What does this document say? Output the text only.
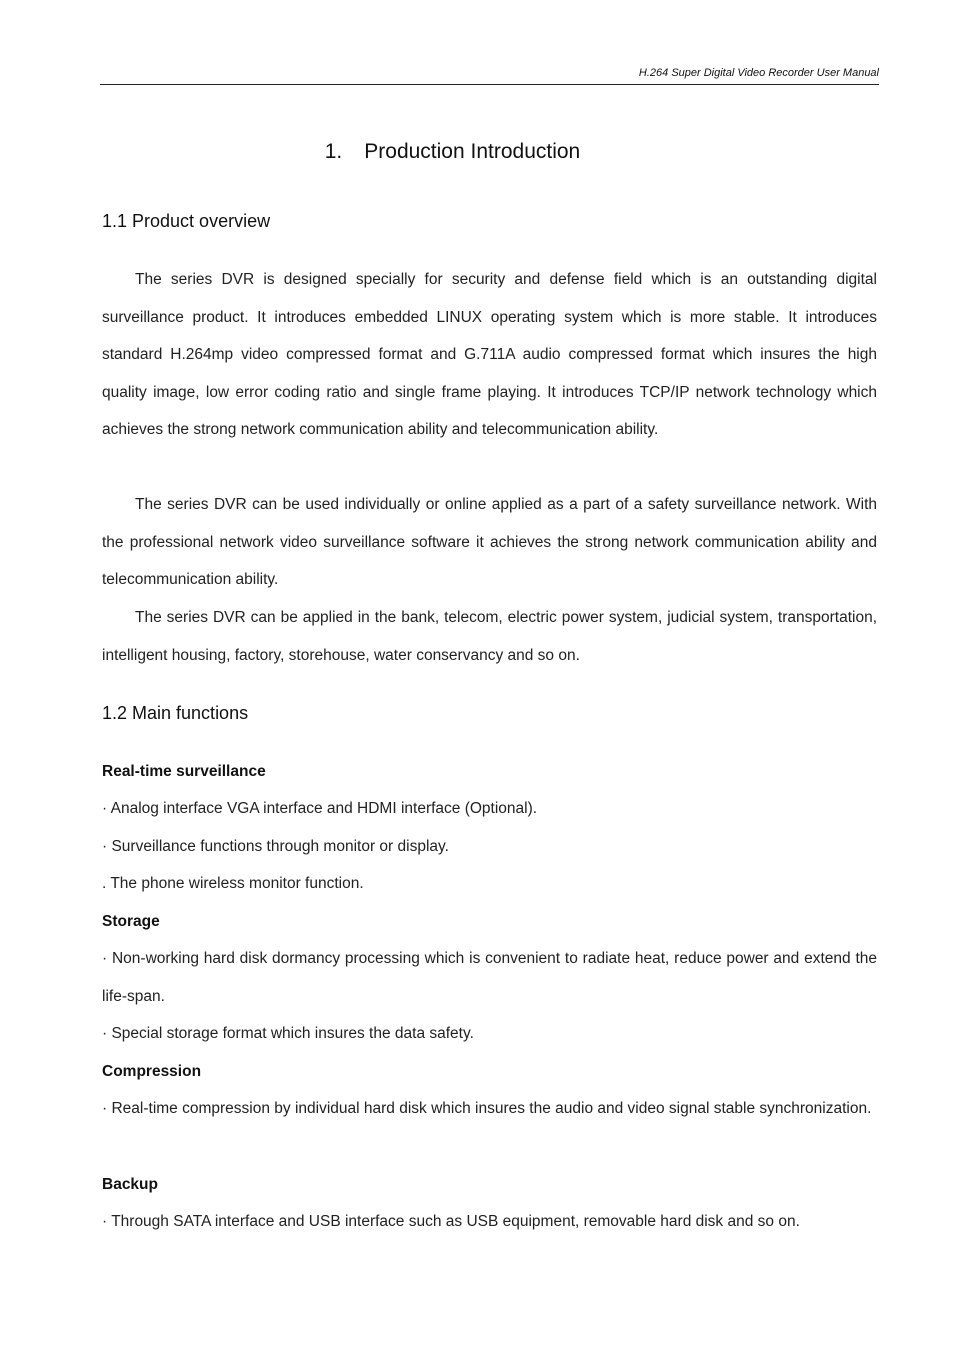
H.264 Super Digital Video Recorder User Manual
1. Production Introduction
1.1 Product overview

The series DVR is designed specially for security and defense field which is an outstanding digital surveillance product. It introduces embedded LINUX operating system which is more stable. It introduces standard H.264mp video compressed format and G.711A audio compressed format which insures the high quality image, low error coding ratio and single frame playing. It introduces TCP/IP network technology which achieves the strong network communication ability and telecommunication ability.

The series DVR can be used individually or online applied as a part of a safety surveillance network. With the professional network video surveillance software it achieves the strong network communication ability and telecommunication ability.

The series DVR can be applied in the bank, telecom, electric power system, judicial system, transportation, intelligent housing, factory, storehouse, water conservancy and so on.

1.2 Main functions
Real-time surveillance

· Analog interface VGA interface and HDMI interface (Optional).

· Surveillance functions through monitor or display.

. The phone wireless monitor function.

Storage

· Non-working hard disk dormancy processing which is convenient to radiate heat, reduce power and extend the life-span.

· Special storage format which insures the data safety.

Compression

· Real-time compression by individual hard disk which insures the audio and video signal stable synchronization.

Backup

· Through SATA interface and USB interface such as USB equipment, removable hard disk and so on.
